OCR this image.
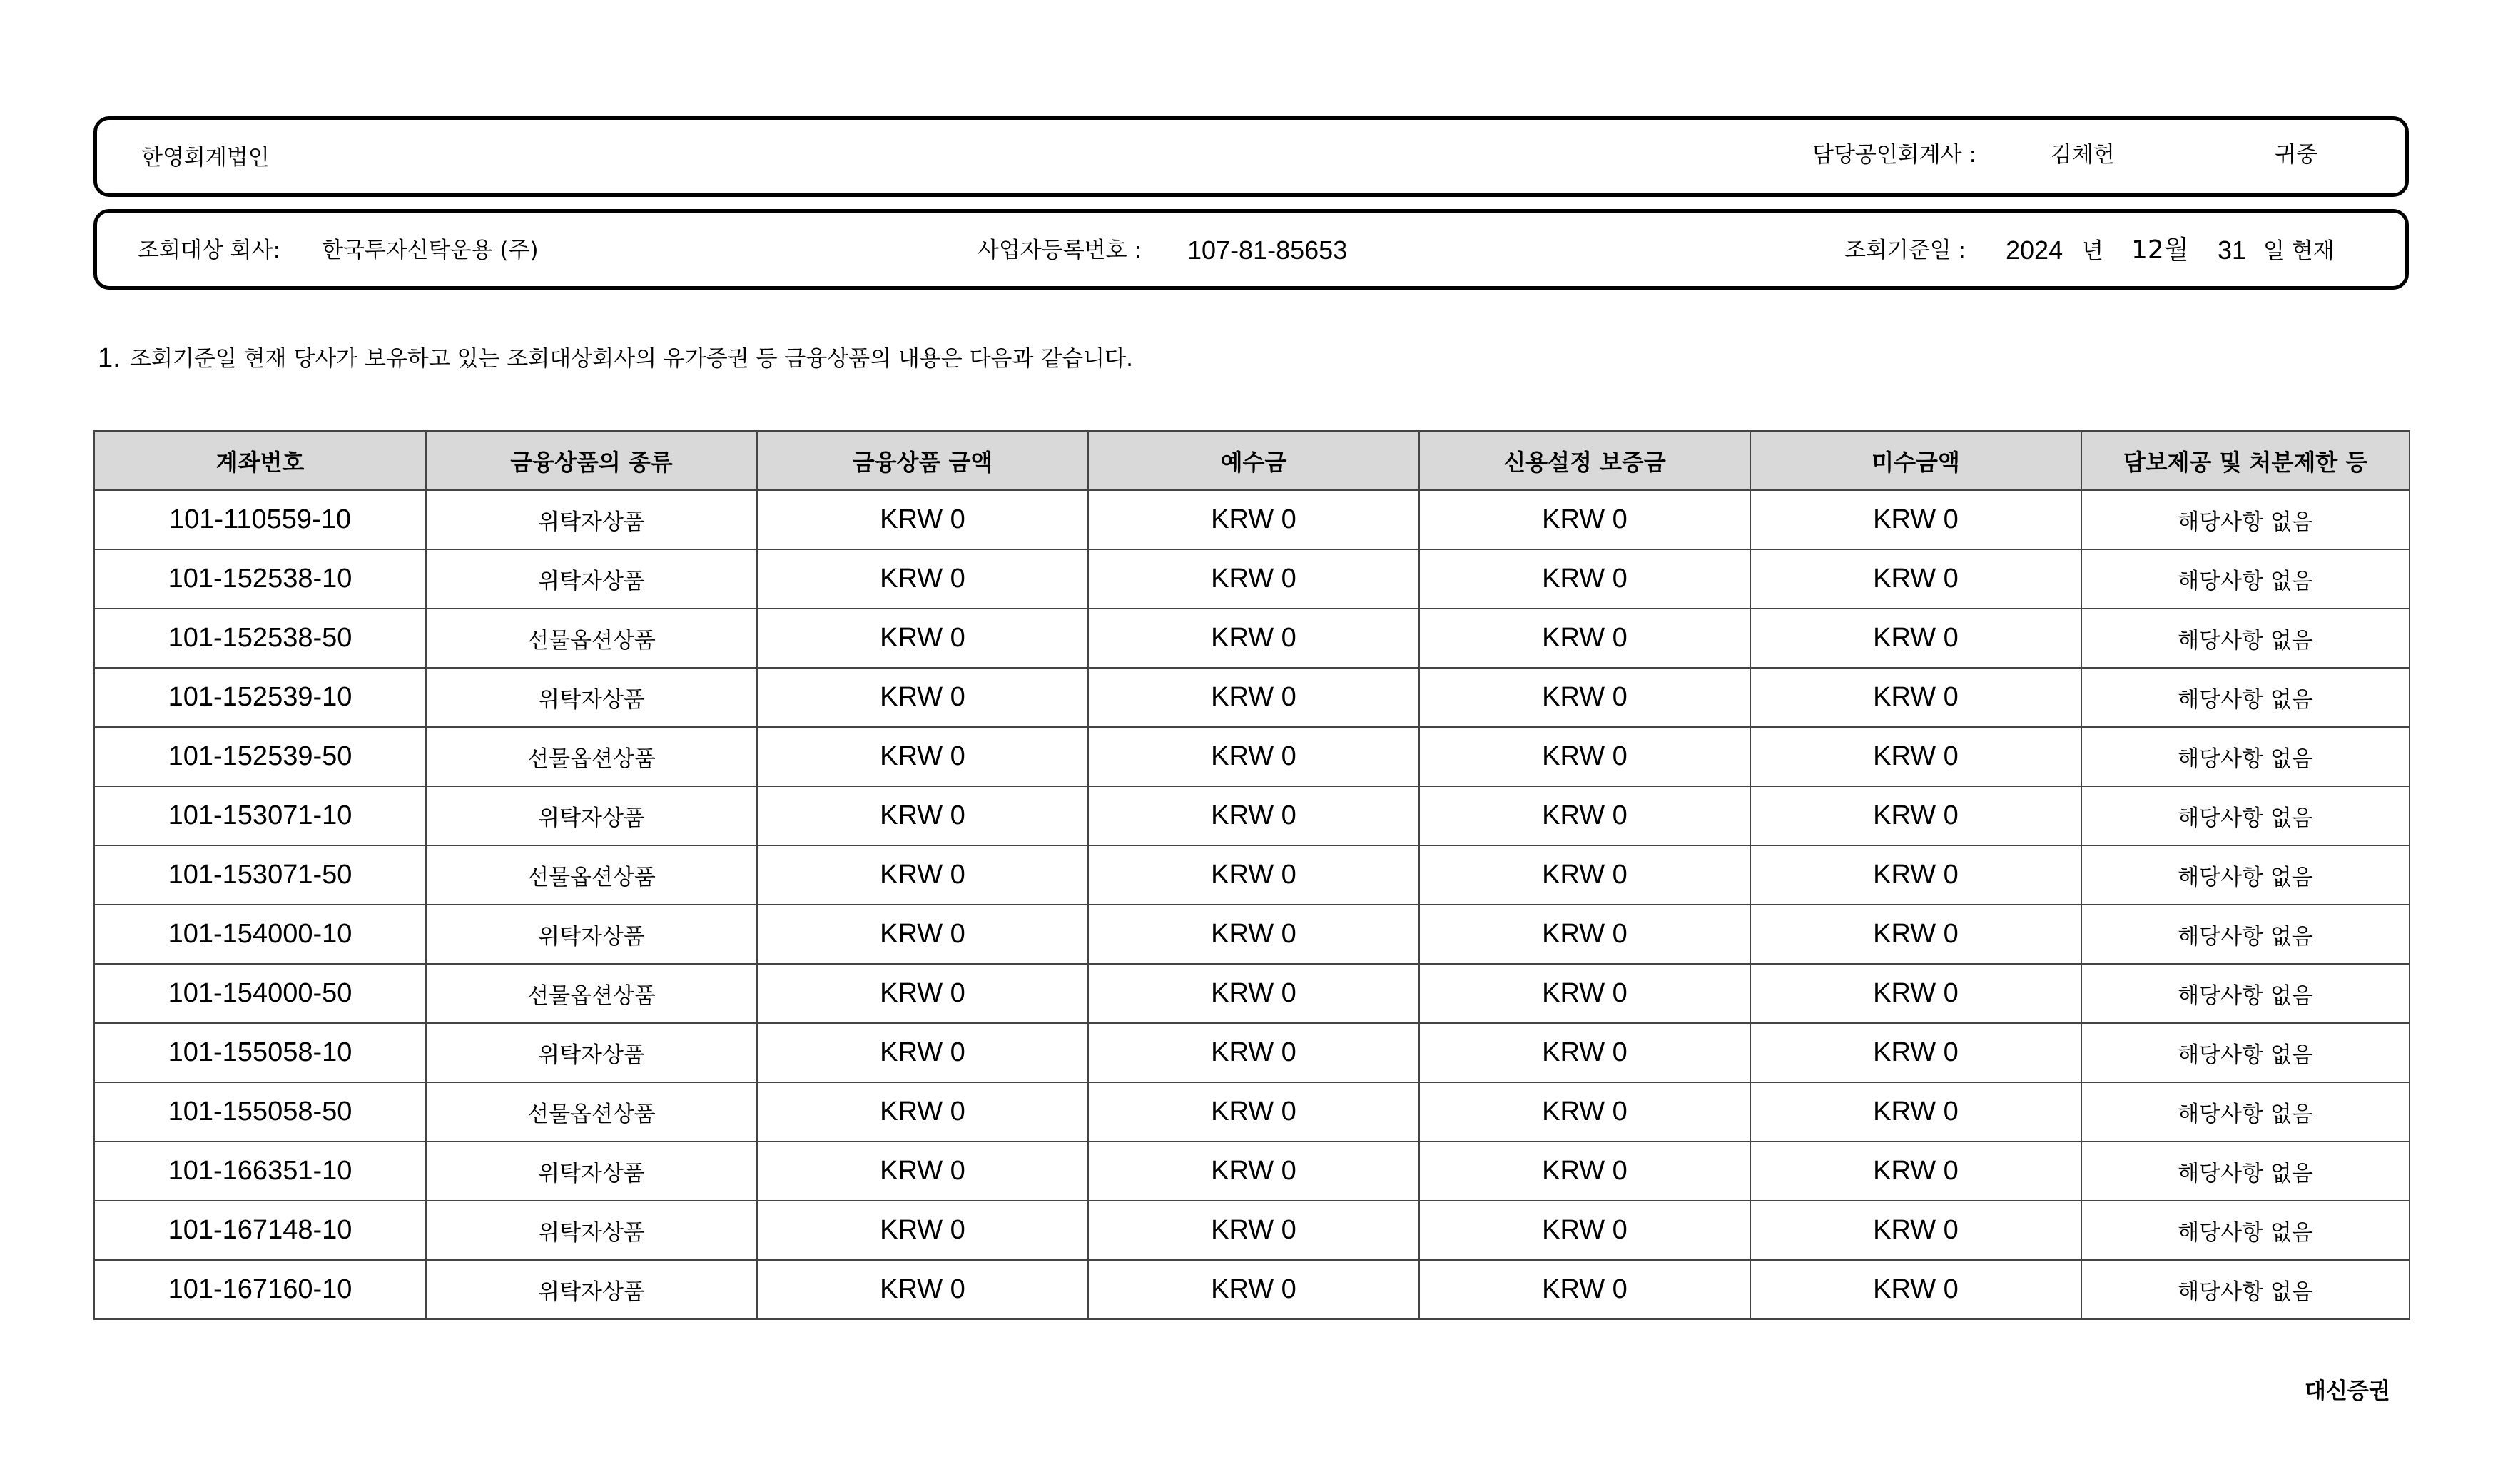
한영회계법인	담당공인회계사 :	김체헌	귀중
조회대상 회사: 한국투자신탁운용 (주)	사업자등록번호 : 107-81-85653	조회기준일 : 2024 년 12월 31 일 현재
1. 조회기준일 현재 당사가 보유하고 있는 조회대상회사의 유가증권 등 금융상품의 내용은 다음과 같습니다.
계좌번호	금융상품의 종류	금융상품 금액	예수금	신용설정 보증금	미수금액	담보제공 및 처분제한 등
101-110559-10	위탁자상품	KRW 0	KRW 0	KRW 0	KRW 0	해당사항 없음
101-152538-10	위탁자상품	KRW 0	KRW 0	KRW 0	KRW 0	해당사항 없음
101-152538-50	선물옵션상품	KRW 0	KRW 0	KRW 0	KRW 0	해당사항 없음
101-152539-10	위탁자상품	KRW 0	KRW 0	KRW 0	KRW 0	해당사항 없음
101-152539-50	선물옵션상품	KRW 0	KRW 0	KRW 0	KRW 0	해당사항 없음
101-153071-10	위탁자상품	KRW 0	KRW 0	KRW 0	KRW 0	해당사항 없음
101-153071-50	선물옵션상품	KRW 0	KRW 0	KRW 0	KRW 0	해당사항 없음
101-154000-10	위탁자상품	KRW 0	KRW 0	KRW 0	KRW 0	해당사항 없음
101-154000-50	선물옵션상품	KRW 0	KRW 0	KRW 0	KRW 0	해당사항 없음
101-155058-10	위탁자상품	KRW 0	KRW 0	KRW 0	KRW 0	해당사항 없음
101-155058-50	선물옵션상품	KRW 0	KRW 0	KRW 0	KRW 0	해당사항 없음
101-166351-10	위탁자상품	KRW 0	KRW 0	KRW 0	KRW 0	해당사항 없음
101-167148-10	위탁자상품	KRW 0	KRW 0	KRW 0	KRW 0	해당사항 없음
101-167160-10	위탁자상품	KRW 0	KRW 0	KRW 0	KRW 0	해당사항 없음
대신증권
